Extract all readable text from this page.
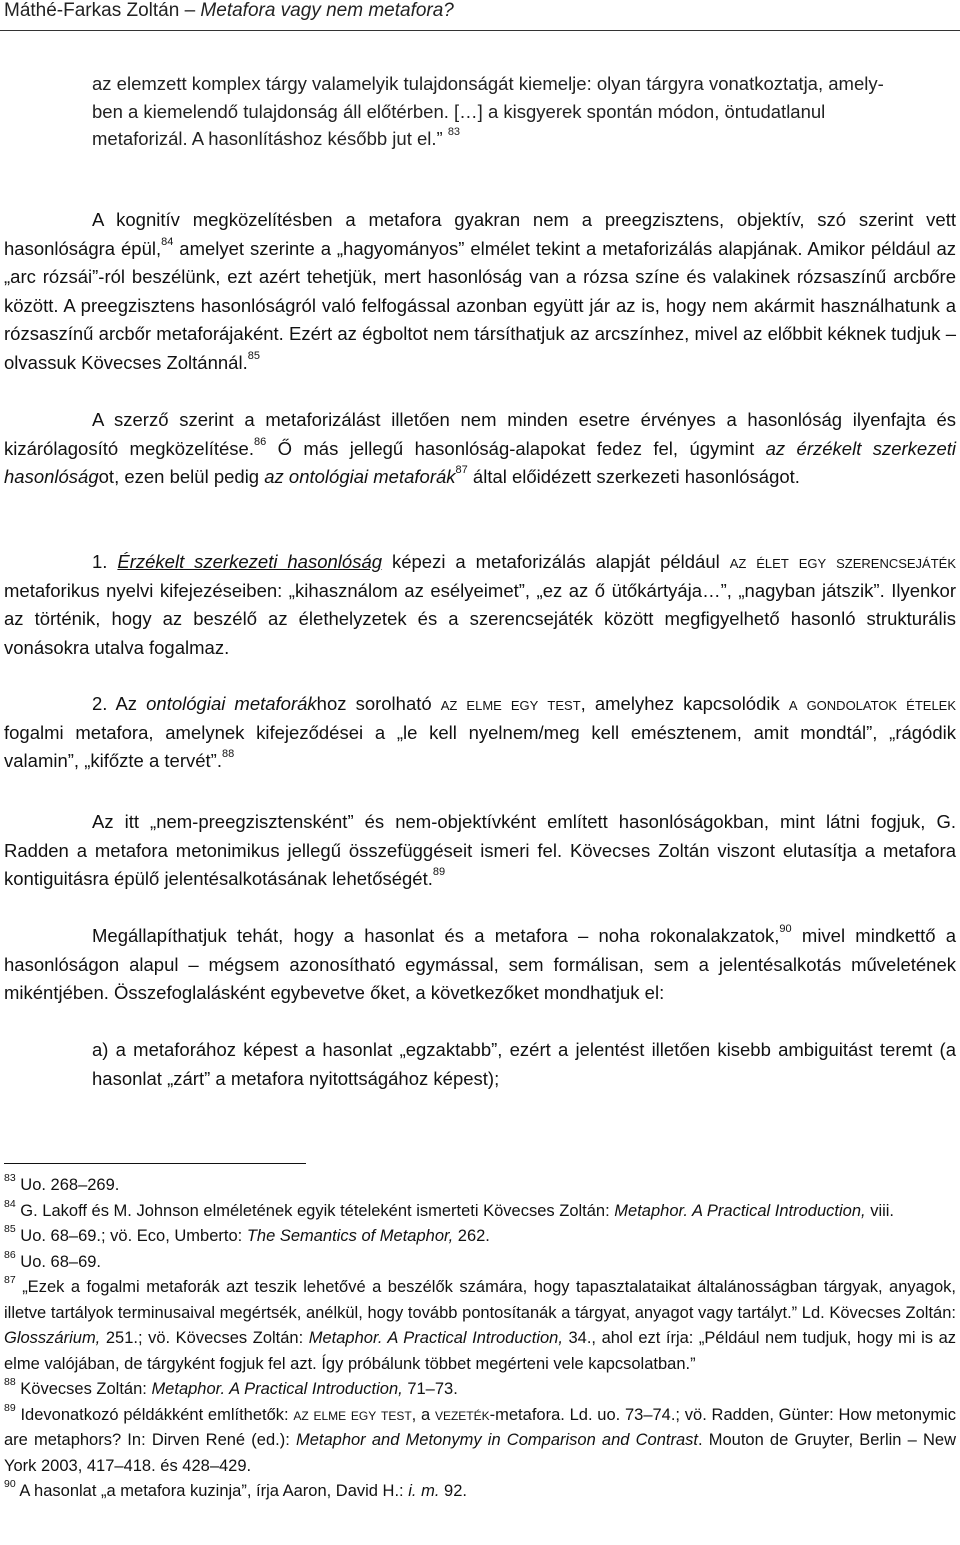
Máthé-Farkas Zoltán – Metafora vagy nem metafora?
az elemzett komplex tárgy valamelyik tulajdonságát kiemelje: olyan tárgyra vonatkoztatja, amely-
ben a kiemelendő tulajdonság áll előtérben. […] a kisgyerek spontán módon, öntudatlanul
metaforizál. A hasonlításhoz később jut el.” $^{83}$

A kognitív megközelítésben a metafora gyakran nem a preegzisztens, objektív, szó szerint vett hasonlóságra épül,$^{84}$ amelyet szerinte a „hagyományos” elmélet tekint a metaforizálás alapjának. Amikor például az „arc rózsái”-ról beszélünk, ezt azért tehetjük, mert hasonlóság van a rózsa színe és valakinek rózsaszínű arcbőre között. A preegzisztens hasonlóságról való felfogással azonban együtt jár az is, hogy nem akármit használhatunk a rózsaszínű arcbőr metaforájaként. Ezért az égboltot nem társíthatjuk az arcszínhez, mivel az előbbit kéknek tudjuk – olvassuk Kövecses Zoltánnál.$^{85}$

A szerző szerint a metaforizálást illetően nem minden esetre érvényes a hasonlóság ilyenfajta és kizárólagosító megközelítése.$^{86}$ Ő más jellegű hasonlóság-alapokat fedez fel, úgymint az érzékelt szerkezeti hasonlóságot, ezen belül pedig az ontológiai metaforák$^{87}$ által előidézett szerkezeti hasonlóságot.

1. Érzékelt szerkezeti hasonlóság képezi a metaforizálás alapját például az élet egy szerencsejáték metaforikus nyelvi kifejezéseiben: „kihasználom az esélyeimet”, „ez az ő ütőkártyája…”, „nagyban játszik”. Ilyenkor az történik, hogy az beszélő az élethelyzetek és a szerencsejáték között megfigyelhető hasonló strukturális vonásokra utalva fogalmaz.

2. Az ontológiai metaforákhoz sorolható az elme egy test, amelyhez kapcsolódik a gondolatok ételek fogalmi metafora, amelynek kifejeződései a „le kell nyelnem/meg kell emésztenem, amit mondtál”, „rágódik valamin”, „kifőzte a tervét”.$^{88}$

Az itt „nem-preegzisztensként” és nem-objektívként említett hasonlóságokban, mint látni fogjuk, G. Radden a metafora metonimikus jellegű összefüggéseit ismeri fel. Kövecses Zoltán viszont elutasítja a metafora kontiguitásra épülő jelentésalkotásának lehetőségét.$^{89}$

Megállapíthatjuk tehát, hogy a hasonlat és a metafora – noha rokonalakzatok,$^{90}$ mivel mindkettő a hasonlóságon alapul – mégsem azonosítható egymással, sem formálisan, sem a jelentésalkotás műveletének mikéntjében. Összefoglalásként egybevetve őket, a következőket mondhatjuk el:

a) a metaforához képest a hasonlat „egzaktabb”, ezért a jelentést illetően kisebb ambiguitást teremt (a hasonlat „zárt” a metafora nyitottságához képest);
$^{83}$ Uo. 268–269.
$^{84}$ G. Lakoff és M. Johnson elméletének egyik tételeként ismerteti Kövecses Zoltán: Metaphor. A Practical Introduction, viii.
$^{85}$ Uo. 68–69.; vö. Eco, Umberto: The Semantics of Metaphor, 262.
$^{86}$ Uo. 68–69.
$^{87}$ „Ezek a fogalmi metaforák azt teszik lehetővé a beszélők számára, hogy tapasztalataikat általánosságban tárgyak, anyagok, illetve tartályok terminusaival megértsék, anélkül, hogy tovább pontosítanák a tárgyat, anyagot vagy tartályt.” Ld. Kövecses Zoltán: Glosszárium, 251.; vö. Kövecses Zoltán: Metaphor. A Practical Introduction, 34., ahol ezt írja: „Például nem tudjuk, hogy mi is az elme valójában, de tárgyként fogjuk fel azt. Így próbálunk többet megérteni vele kapcsolatban.”
$^{88}$ Kövecses Zoltán: Metaphor. A Practical Introduction, 71–73.
$^{89}$ Idevonatkozó példákként említhetők: az elme egy test, a vezeték-metafora. Ld. uo. 73–74.; vö. Radden, Günter: How metonymic are metaphors? In: Dirven René (ed.): Metaphor and Metonymy in Comparison and Contrast. Mouton de Gruyter, Berlin – New York 2003, 417–418. és 428–429.
$^{90}$ A hasonlat „a metafora kuzinja”, írja Aaron, David H.: i. m. 92.
